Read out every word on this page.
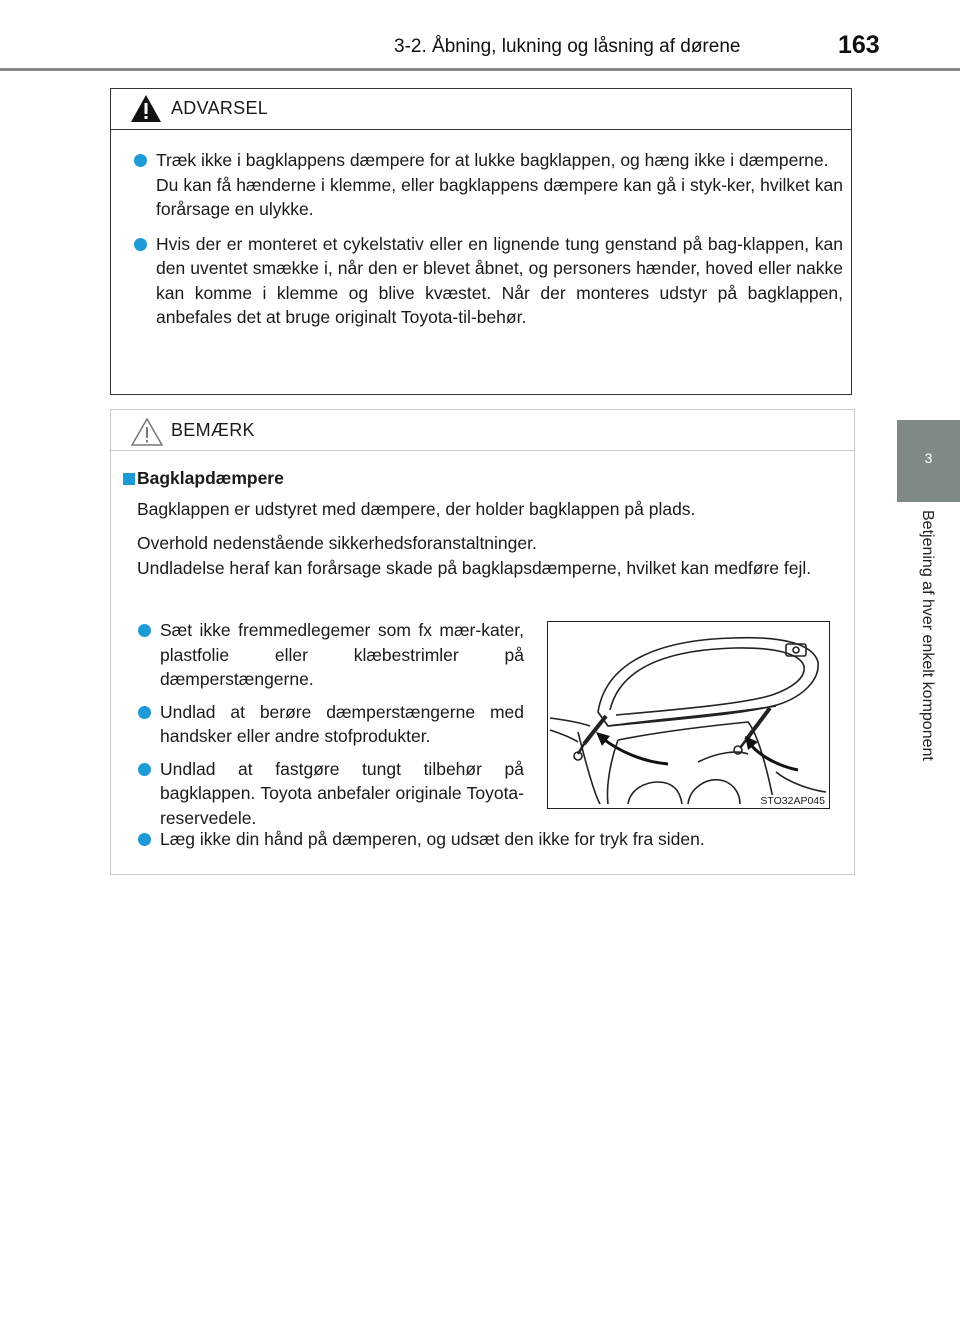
3-2. Åbning, lukning og låsning af dørene	163
3
Betjening af hver enkelt komponent
ADVARSEL

Træk ikke i bagklappens dæmpere for at lukke bagklappen, og hæng ikke i dæmperne.

Du kan få hænderne i klemme, eller bagklappens dæmpere kan gå i styk-ker, hvilket kan forårsage en ulykke.

Hvis der er monteret et cykelstativ eller en lignende tung genstand på bag-klappen, kan den uventet smække i, når den er blevet åbnet, og personers hænder, hoved eller nakke kan komme i klemme og blive kvæstet. Når der monteres udstyr på bagklappen, anbefales det at bruge originalt Toyota-til-behør.

BEMÆRK
Bagklapdæmpere

Bagklappen er udstyret med dæmpere, der holder bagklappen på plads.

Overhold nedenstående sikkerhedsforanstaltninger.

Undladelse heraf kan forårsage skade på bagklapsdæmperne, hvilket kan medføre fejl.

Sæt ikke fremmedlegemer som fx mær-kater, plastfolie eller klæbestrimler på dæmperstængerne.

Undlad at berøre dæmperstængerne med handsker eller andre stofprodukter.

Undlad at fastgøre tungt tilbehør på bagklappen. Toyota anbefaler originale Toyota-reservedele.

STO32AP045

Læg ikke din hånd på dæmperen, og udsæt den ikke for tryk fra siden.
